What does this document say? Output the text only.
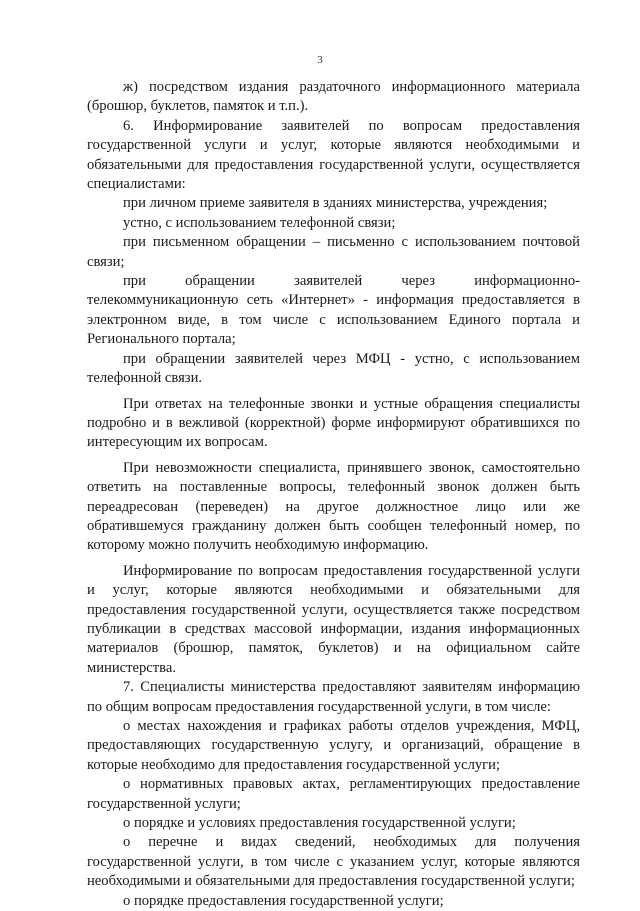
3

ж) посредством издания раздаточного информационного материала (брошюр, буклетов, памяток и т.п.).

6. Информирование заявителей по вопросам предоставления государственной услуги и услуг, которые являются необходимыми и обязательными для предоставления государственной услуги, осуществляется специалистами:

при личном приеме заявителя в зданиях министерства, учреждения;

устно, с использованием телефонной связи;

при письменном обращении – письменно с использованием почтовой связи;

при обращении заявителей через информационно-телекоммуникационную сеть «Интернет» - информация предоставляется в электронном виде, в том числе с использованием Единого портала и Регионального портала;

при обращении заявителей через МФЦ - устно, с использованием телефонной связи.

При ответах на телефонные звонки и устные обращения специалисты подробно и в вежливой (корректной) форме информируют обратившихся по интересующим их вопросам.

При невозможности специалиста, принявшего звонок, самостоятельно ответить на поставленные вопросы, телефонный звонок должен быть переадресован (переведен) на другое должностное лицо или же обратившемуся гражданину должен быть сообщен телефонный номер, по которому можно получить необходимую информацию.

Информирование по вопросам предоставления государственной услуги и услуг, которые являются необходимыми и обязательными для предоставления государственной услуги, осуществляется также посредством публикации в средствах массовой информации, издания информационных материалов (брошюр, памяток, буклетов) и на официальном сайте министерства.

7. Специалисты министерства предоставляют заявителям информацию по общим вопросам предоставления государственной услуги, в том числе:

о местах нахождения и графиках работы отделов учреждения, МФЦ, предоставляющих государственную услугу, и организаций, обращение в которые необходимо для предоставления государственной услуги;

о нормативных правовых актах, регламентирующих предоставление государственной услуги;

о порядке и условиях предоставления государственной услуги;

о перечне и видах сведений, необходимых для получения государственной услуги, в том числе с указанием услуг, которые являются необходимыми и обязательными для предоставления государственной услуги;

о порядке предоставления государственной услуги;
